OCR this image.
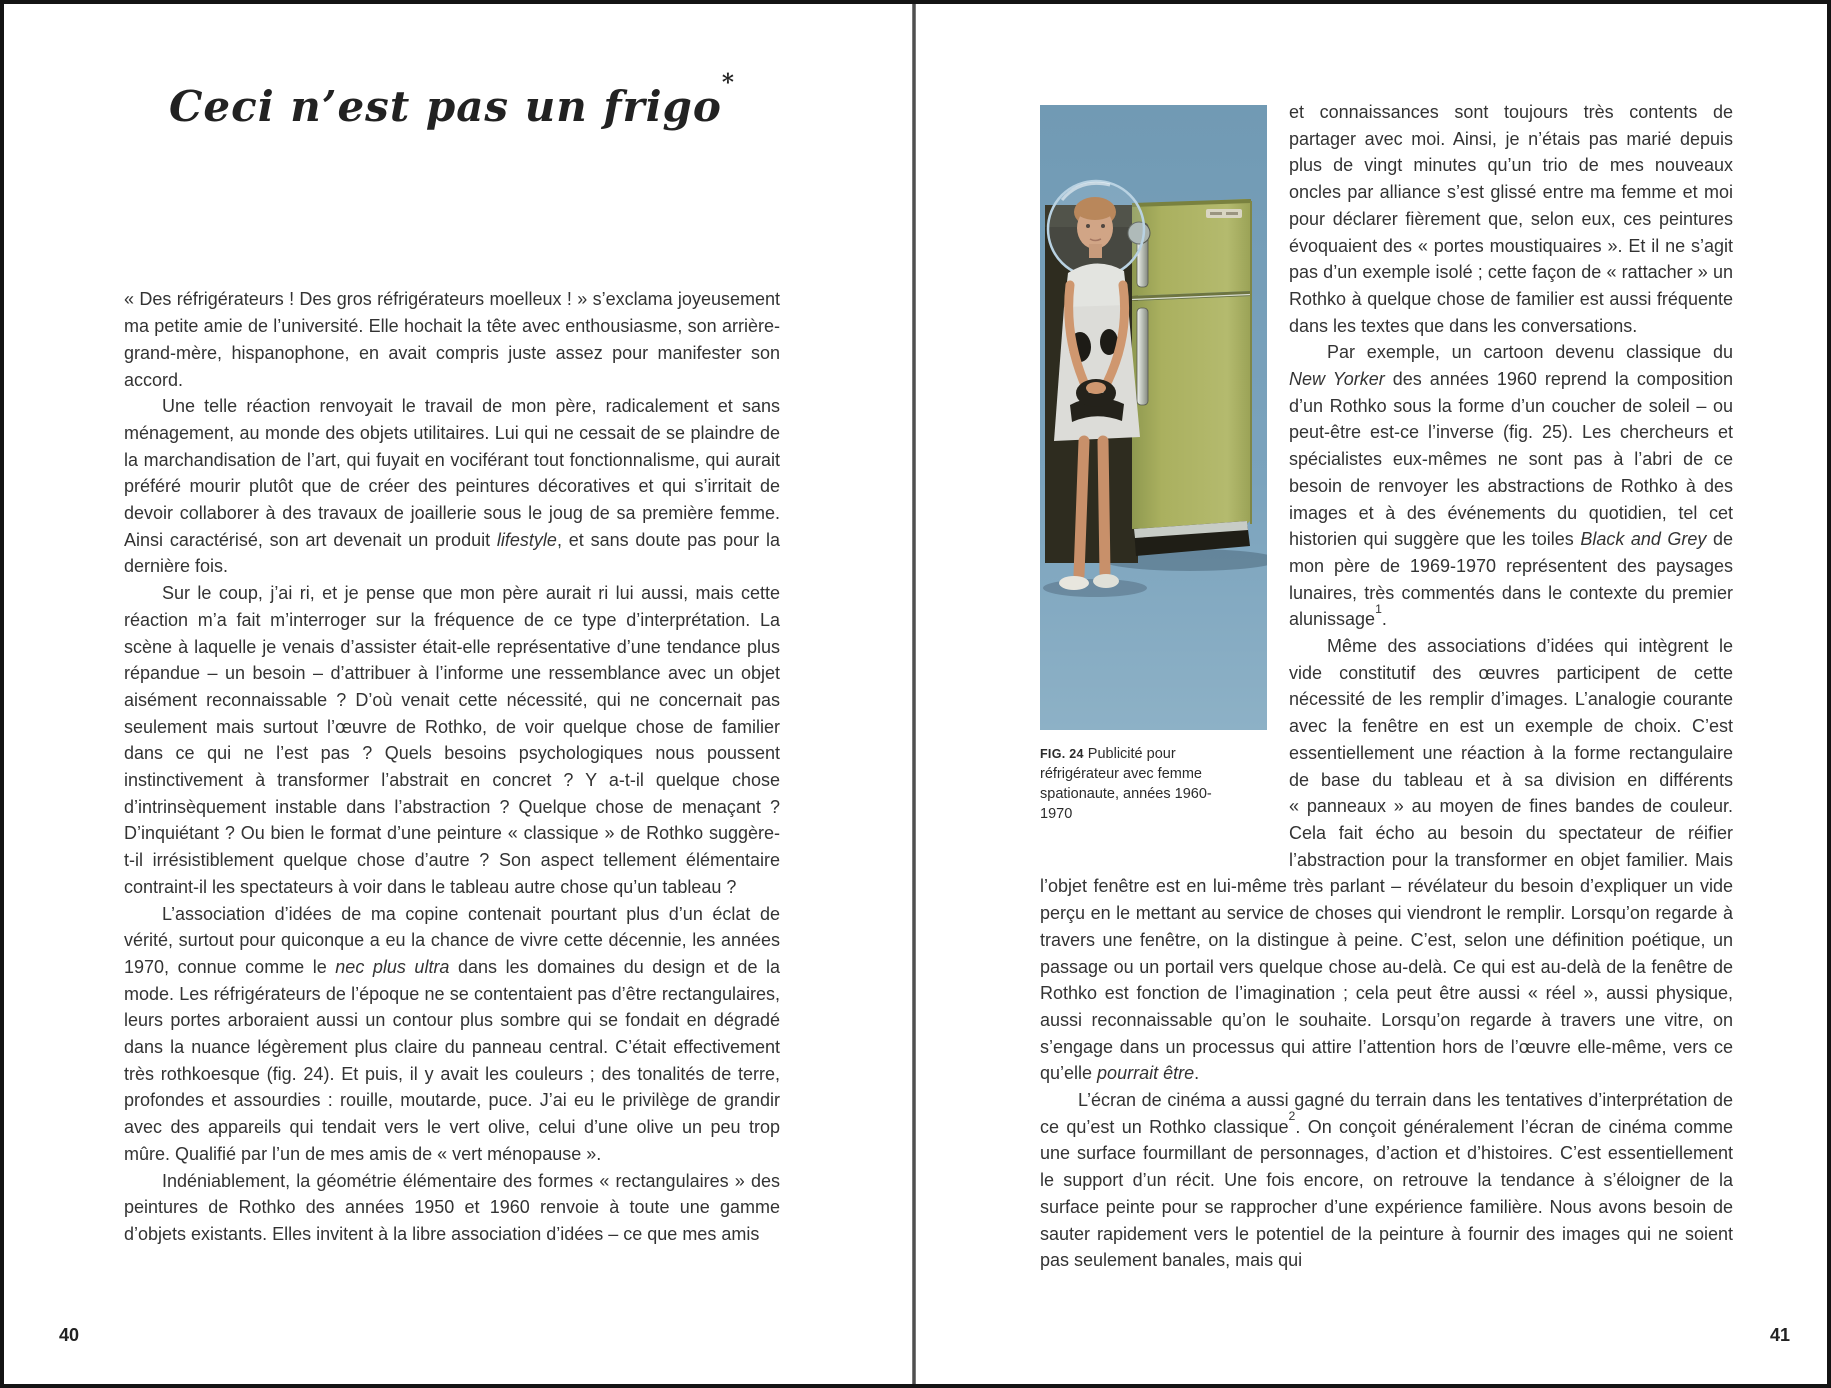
Ceci n’est pas un frigo*

« Des réfrigérateurs ! Des gros réfrigérateurs moelleux ! » s’exclama joyeusement ma petite amie de l’université. Elle hochait la tête avec enthousiasme, son arrière-grand-mère, hispanophone, en avait compris juste assez pour manifester son accord.

Une telle réaction renvoyait le travail de mon père, radicalement et sans ménagement, au monde des objets utilitaires. Lui qui ne cessait de se plaindre de la marchandisation de l’art, qui fuyait en vociférant tout fonctionnalisme, qui aurait préféré mourir plutôt que de créer des peintures décoratives et qui s’irritait de devoir collaborer à des travaux de joaillerie sous le joug de sa première femme. Ainsi caractérisé, son art devenait un produit lifestyle, et sans doute pas pour la dernière fois.

Sur le coup, j’ai ri, et je pense que mon père aurait ri lui aussi, mais cette réaction m’a fait m’interroger sur la fréquence de ce type d’interprétation. La scène à laquelle je venais d’assister était-elle représentative d’une tendance plus répandue – un besoin – d’attribuer à l’informe une ressemblance avec un objet aisément reconnaissable ? D’où venait cette nécessité, qui ne concernait pas seulement mais surtout l’œuvre de Rothko, de voir quelque chose de familier dans ce qui ne l’est pas ? Quels besoins psychologiques nous poussent instinctivement à transformer l’abstrait en concret ? Y a-t-il quelque chose d’intrinsèquement instable dans l’abstraction ? Quelque chose de menaçant ? D’inquiétant ? Ou bien le format d’une peinture « classique » de Rothko suggère-t-il irrésistiblement quelque chose d’autre ? Son aspect tellement élémentaire contraint-il les spectateurs à voir dans le tableau autre chose qu’un tableau ?

L’association d’idées de ma copine contenait pourtant plus d’un éclat de vérité, surtout pour quiconque a eu la chance de vivre cette décennie, les années 1970, connue comme le nec plus ultra dans les domaines du design et de la mode. Les réfrigérateurs de l’époque ne se contentaient pas d’être rectangulaires, leurs portes arboraient aussi un contour plus sombre qui se fondait en dégradé dans la nuance légèrement plus claire du panneau central. C’était effectivement très rothkoesque (fig. 24). Et puis, il y avait les couleurs ; des tonalités de terre, profondes et assourdies : rouille, moutarde, puce. J’ai eu le privilège de grandir avec des appareils qui tendait vers le vert olive, celui d’une olive un peu trop mûre. Qualifié par l’un de mes amis de « vert ménopause ».

Indéniablement, la géométrie élémentaire des formes « rectangulaires » des peintures de Rothko des années 1950 et 1960 renvoie à toute une gamme d’objets existants. Elles invitent à la libre association d’idées – ce que mes amis

40
FIG. 24 Publicité pour réfrigérateur avec femme spationaute, années 1960-1970

et connaissances sont toujours très contents de partager avec moi. Ainsi, je n’étais pas marié depuis plus de vingt minutes qu’un trio de mes nouveaux oncles par alliance s’est glissé entre ma femme et moi pour déclarer fièrement que, selon eux, ces peintures évoquaient des « portes moustiquaires ». Et il ne s’agit pas d’un exemple isolé ; cette façon de « rattacher » un Rothko à quelque chose de familier est aussi fréquente dans les textes que dans les conversations.

Par exemple, un cartoon devenu classique du New Yorker des années 1960 reprend la composition d’un Rothko sous la forme d’un coucher de soleil – ou peut-être est-ce l’inverse (fig. 25). Les chercheurs et spécialistes eux-mêmes ne sont pas à l’abri de ce besoin de renvoyer les abstractions de Rothko à des images et à des événements du quotidien, tel cet historien qui suggère que les toiles Black and Grey de mon père de 1969-1970 représentent des paysages lunaires, très commentés dans le contexte du premier alunissage$^1$.

Même des associations d’idées qui intègrent le vide constitutif des œuvres participent de cette nécessité de les remplir d’images. L’analogie courante avec la fenêtre en est un exemple de choix. C’est essentiellement une réaction à la forme rectangulaire de base du tableau et à sa division en différents « panneaux » au moyen de fines bandes de couleur. Cela fait écho au besoin du spectateur de réifier l’abstraction pour la transformer en objet familier. Mais l’objet fenêtre est en lui-même très parlant – révélateur du besoin d’expliquer un vide perçu en le mettant au service de choses qui viendront le remplir. Lorsqu’on regarde à travers une fenêtre, on la distingue à peine. C’est, selon une définition poétique, un passage ou un portail vers quelque chose au-delà. Ce qui est au-delà de la fenêtre de Rothko est fonction de l’imagination ; cela peut être aussi « réel », aussi physique, aussi reconnaissable qu’on le souhaite. Lorsqu’on regarde à travers une vitre, on s’engage dans un processus qui attire l’attention hors de l’œuvre elle-même, vers ce qu’elle pourrait être.

L’écran de cinéma a aussi gagné du terrain dans les tentatives d’interprétation de ce qu’est un Rothko classique$^2$. On conçoit généralement l’écran de cinéma comme une surface fourmillant de personnages, d’action et d’histoires. C’est essentiellement le support d’un récit. Une fois encore, on retrouve la tendance à s’éloigner de la surface peinte pour se rapprocher d’une expérience familière. Nous avons besoin de sauter rapidement vers le potentiel de la peinture à fournir des images qui ne soient pas seulement banales, mais qui

41
